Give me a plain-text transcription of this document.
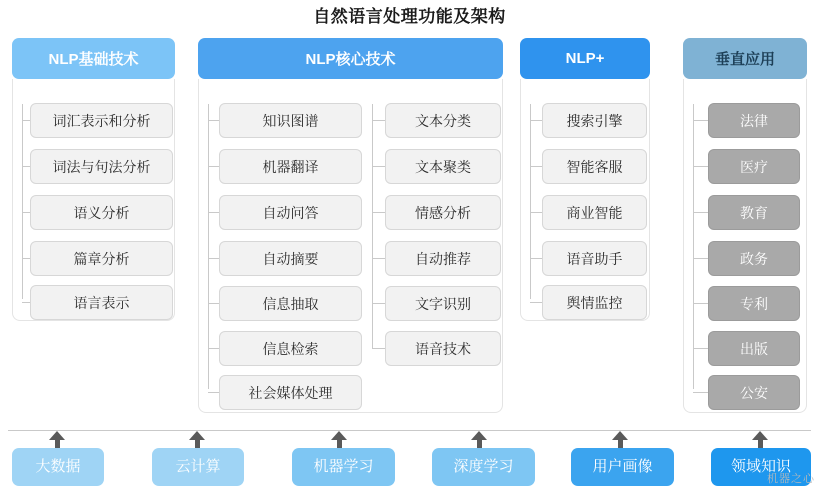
自然语言处理功能及架构
NLP基础技术
词汇表示和分析
词法与句法分析
语义分析
篇章分析
语言表示
NLP核心技术
知识图谱
机器翻译
自动问答
自动摘要
信息抽取
信息检索
社会媒体处理
文本分类
文本聚类
情感分析
自动推荐
文字识别
语音技术
NLP+
搜索引擎
智能客服
商业智能
语音助手
舆情监控
垂直应用
法律
医疗
教育
政务
专利
出版
公安
大数据	云计算	机器学习	深度学习	用户画像	领域知识
机器之心
